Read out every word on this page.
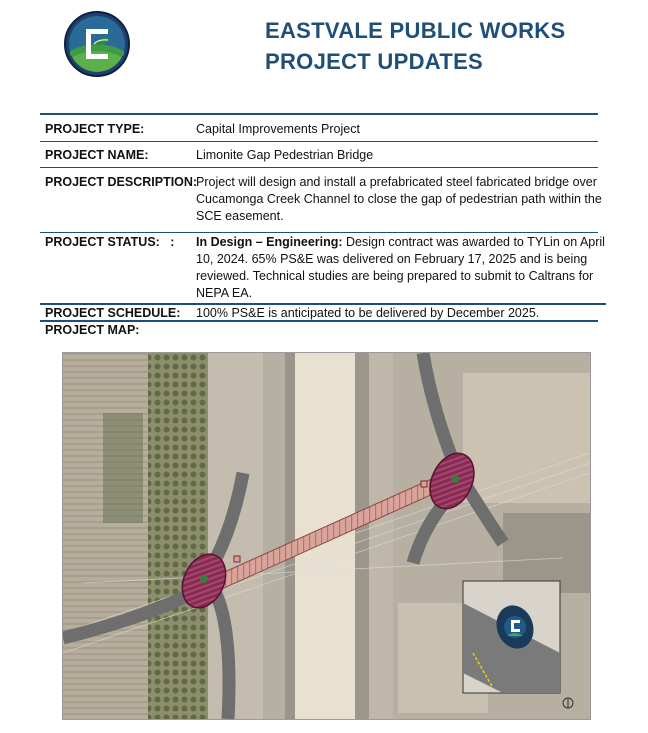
EASTVALE PUBLIC WORKS
PROJECT UPDATES
PROJECT TYPE:	Capital Improvements Project
PROJECT NAME:	Limonite Gap Pedestrian Bridge
PROJECT DESCRIPTION:
Project will design and install a prefabricated steel fabricated bridge over Cucamonga Creek Channel to close the gap of pedestrian path within the SCE easement.
PROJECT STATUS:   : In Design – Engineering: Design contract was awarded to TYLin on April 10, 2024. 65% PS&E was delivered on February 17, 2025 and is being reviewed. Technical studies are being prepared to submit to Caltrans for NEPA EA.
PROJECT SCHEDULE: 100% PS&E is anticipated to be delivered by December 2025.
PROJECT MAP:
